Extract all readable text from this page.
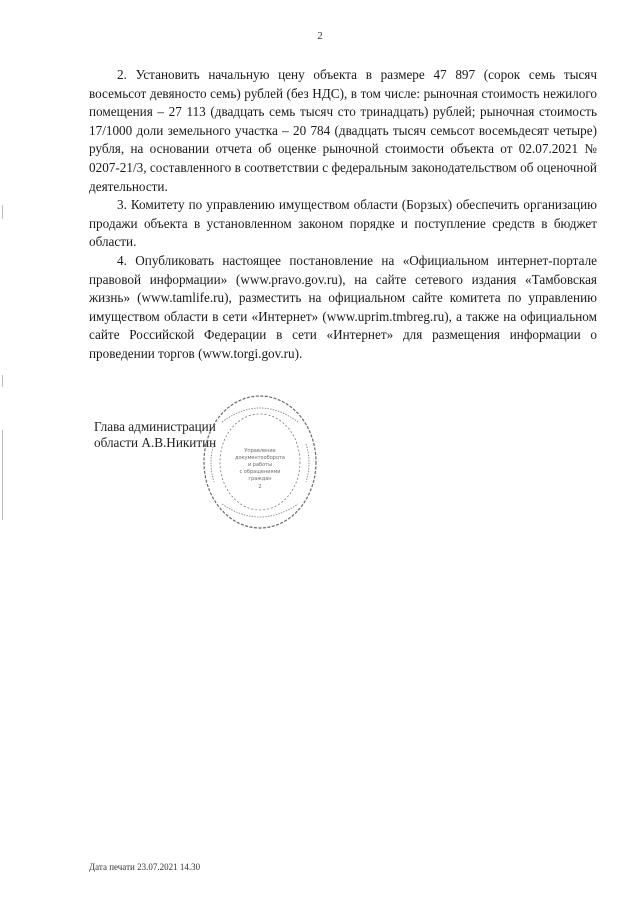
2

2. Установить начальную цену объекта в размере 47 897 (сорок семь тысяч восемьсот девяносто семь) рублей (без НДС), в том числе: рыночная стоимость нежилого помещения – 27 113 (двадцать семь тысяч сто тринадцать) рублей; рыночная стоимость 17/1000 доли земельного участка – 20 784 (двадцать тысяч семьсот восемьдесят четыре) рубля, на основании отчета об оценке рыночной стоимости объекта от 02.07.2021 № 0207-21/3, составленного в соответствии с федеральным законодательством об оценочной деятельности.

3. Комитету по управлению имуществом области (Борзых) обеспечить организацию продажи объекта в установленном законом порядке и поступление средств в бюджет области.

4. Опубликовать настоящее постановление на «Официальном интернет-портале правовой информации» (www.pravo.gov.ru), на сайте сетевого издания «Тамбовская жизнь» (www.tamlife.ru), разместить на официальном сайте комитета по управлению имуществом области в сети «Интернет» (www.uprim.tmbreg.ru), а также на официальном сайте Российской Федерации в сети «Интернет» для размещения информации о проведении торгов (www.torgi.gov.ru).

Глава администрации
области А.В.Никитин
Управление
документооборота
и работы
с обращениями
граждан
2
Дата печати 23.07.2021 14.30
